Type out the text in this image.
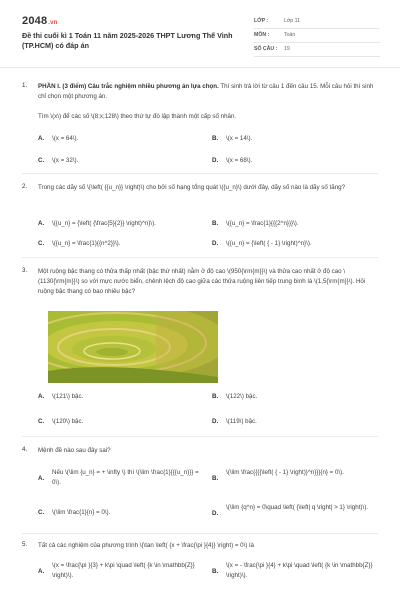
2048.vn
Đề thi cuối kì 1 Toán 11 năm 2025-2026 THPT Lương Thế Vinh (TP.HCM) có đáp án
LỚP :	Lớp 11
MÔN :	Toán
SỐ CÂU : 19
1. PHẦN I. (3 điểm) Câu trắc nghiệm nhiều phương án lựa chọn. Thí sinh trả lời từ câu 1 đến câu 15. Mỗi câu hỏi thí sinh chỉ chọn một phương án.
Tìm \(x\) để các số \(8;x;128\) theo thứ tự đó lập thành một cấp số nhân.
A. \(x = 64\).	B. \(x = 14\).
C. \(x = 32\).	D. \(x = 68\).
2. Trong các dãy số \(\left( {{u_n}} \right)\) cho bởi số hạng tổng quát \({u_n}\) dưới đây, dãy số nào là dãy số tăng?
A. \({u_n} = {\left( {\frac{5}{2}} \right)^n}\).	B. \({u_n} = \frac{1}{{{2^n}}}\).
C. \({u_n} = \frac{1}{{n^2}}\).	D. \({u_n} = {\left( { - 1} \right)^n}\).
3. Một ruộng bậc thang có thửa thấp nhất (bậc thứ nhất) nằm ở độ cao \(950{\rm{m}}\) và thửa cao nhất ở độ cao \(1130{\rm{m}}\) so với mực nước biển, chênh lệch độ cao giữa các thửa ruộng liên tiếp trung bình là \(1,5{\rm{m}}\). Hỏi ruộng bậc thang có bao nhiêu bậc?
A. \(121\) bậc.	B. \(122\) bậc.
C. \(120\) bậc.	D. \(119\) bậc.
4. Mệnh đề nào sau đây sai?
A.
Nếu \(\lim {u_n} = + \infty \) thì \(\lim \frac{1}{{{u_n}}} = 0\).
B.
\(\lim \frac{{{{\left( { - 1} \right)}^n}}}{n} = 0\).
C. \(\lim \frac{1}{n} = 0\).	D.
\(\lim {q^n} = 0\quad \left( {\left| q \right| > 1} \right)\).
5. Tất cả các nghiệm của phương trình \(\tan \left( {x + \frac{\pi }{4}} \right) = 0\) là
A.
\(x = \frac{\pi }{3} + k\pi \quad \left( {k \in \mathbb{Z}} \right)\).
B.
\(x = - \frac{\pi }{4} + k\pi \quad \left( {k \in \mathbb{Z}} \right)\).
